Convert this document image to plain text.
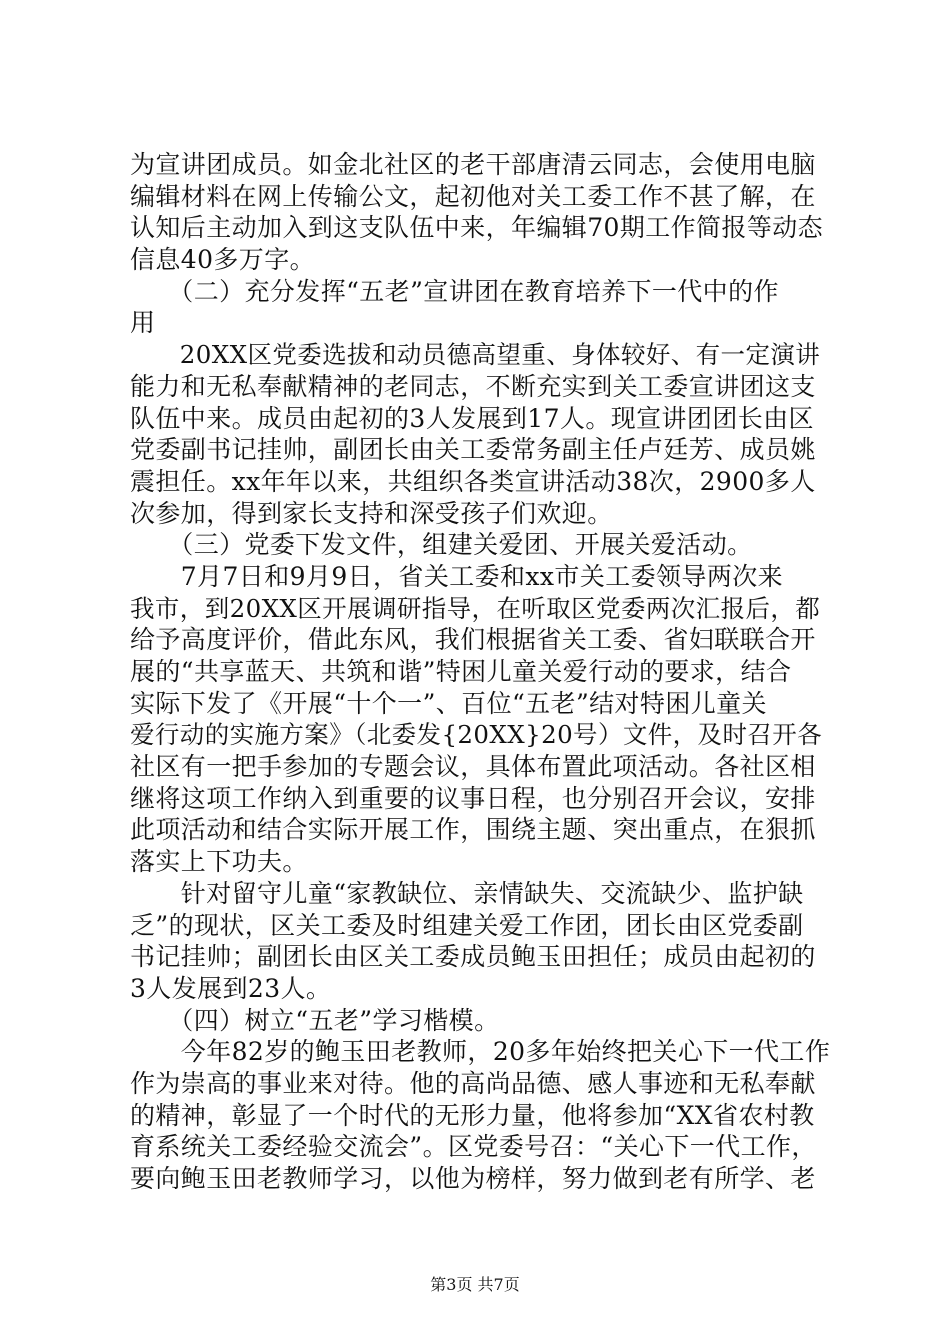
为宣讲团成员。如金北社区的老干部唐清云同志，会使用电脑
编辑材料在网上传输公文，起初他对关工委工作不甚了解，在
认知后主动加入到这支队伍中来，年编辑70期工作简报等动态
信息40多万字。
　　（二）充分发挥“五老”宣讲团在教育培养下一代中的作
用
　　20XX区党委选拔和动员德高望重、身体较好、有一定演讲
能力和无私奉献精神的老同志，不断充实到关工委宣讲团这支
队伍中来。成员由起初的3人发展到17人。现宣讲团团长由区
党委副书记挂帅，副团长由关工委常务副主任卢廷芳、成员姚
震担任。xx年年以来，共组织各类宣讲活动38次，2900多人
次参加，得到家长支持和深受孩子们欢迎。
　　（三）党委下发文件，组建关爱团、开展关爱活动。
　　7月7日和9月9日，省关工委和xx市关工委领导两次来
我市，到20XX区开展调研指导，在听取区党委两次汇报后，都
给予高度评价，借此东风，我们根据省关工委、省妇联联合开
展的“共享蓝天、共筑和谐”特困儿童关爱行动的要求，结合
实际下发了《开展“十个一”、百位“五老”结对特困儿童关
爱行动的实施方案》（北委发{20XX}20号）文件，及时召开各
社区有一把手参加的专题会议，具体布置此项活动。各社区相
继将这项工作纳入到重要的议事日程，也分别召开会议，安排
此项活动和结合实际开展工作，围绕主题、突出重点，在狠抓
落实上下功夫。
　　针对留守儿童“家教缺位、亲情缺失、交流缺少、监护缺
乏”的现状，区关工委及时组建关爱工作团，团长由区党委副
书记挂帅；副团长由区关工委成员鲍玉田担任；成员由起初的
3人发展到23人。
　　（四）树立“五老”学习楷模。
　　今年82岁的鲍玉田老教师，20多年始终把关心下一代工作
作为崇高的事业来对待。他的高尚品德、感人事迹和无私奉献
的精神，彰显了一个时代的无形力量，他将参加“XX省农村教
育系统关工委经验交流会”。区党委号召：“关心下一代工作，
要向鲍玉田老教师学习，以他为榜样，努力做到老有所学、老
第3页 共7页
